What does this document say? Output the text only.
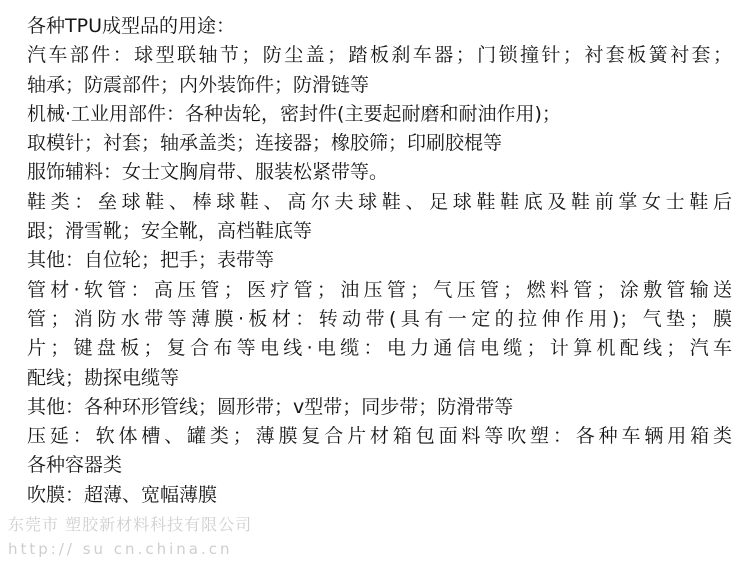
各种TPU成型品的用途：
汽车部件：球型联轴节；防尘盖；踏板刹车器；门锁撞针；衬套板簧衬套；
轴承；防震部件；内外装饰件；防滑链等
机械·工业用部件：各种齿轮，密封件(主要起耐磨和耐油作用)；
取模针；衬套；轴承盖类；连接器；橡胶筛；印刷胶棍等
服饰辅料：女士文胸肩带、服装松紧带等。
鞋类：垒球鞋、棒球鞋、高尔夫球鞋、足球鞋鞋底及鞋前掌女士鞋后
跟；滑雪靴；安全靴，高档鞋底等
其他：自位轮；把手；表带等
管材·软管：高压管；医疗管；油压管；气压管；燃料管；涂敷管输送
管；消防水带等薄膜·板材：转动带(具有一定的拉伸作用)；气垫；膜
片；键盘板；复合布等电线·电缆：电力通信电缆；计算机配线；汽车
配线；勘探电缆等
其他：各种环形管线；圆形带；v型带；同步带；防滑带等
压延：软体槽、罐类；薄膜复合片材箱包面料等吹塑：各种车辆用箱类
各种容器类
吹膜：超薄、宽幅薄膜
东莞市 塑胶新材料科技有限公司
http:// su cn.china.cn
